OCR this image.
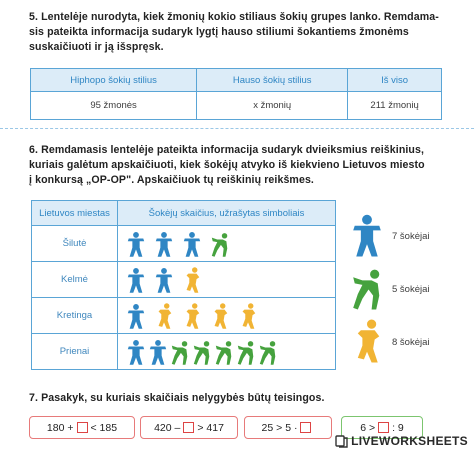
5. Lentelėje nurodyta, kiek žmonių kokio stiliaus šokių grupes lanko. Remdama-

sis pateikta informacija sudaryk lygtį hauso stiliumi šokantiems žmonėms

suskaičiuoti ir ją išspręsk.

Hiphopo šokių stilius	Hauso šokių stilius	Iš viso
95 žmonės	x žmonių	211 žmonių

6. Remdamasis lentelėje pateikta informacija sudaryk dvieiksmius reiškinius,

kuriais galėtum apskaičiuoti, kiek šokėjų atvyko iš kiekvieno Lietuvos miesto

į konkursą „OP-OP". Apskaičiuok tų reiškinių reikšmes.

Lietuvos miestas	Šokėjų skaičius, užrašytas simboliais
Šilutė	
Kelmė	
Kretinga	
Prienai	
7 šokėjai
5 šokėjai
8 šokėjai
7. Pasakyk, su kuriais skaičiais nelygybės būtų teisingos.
180 + < 185	420 – > 417	25 > 5 ·	6 > : 9
LIVEWORKSHEETS
